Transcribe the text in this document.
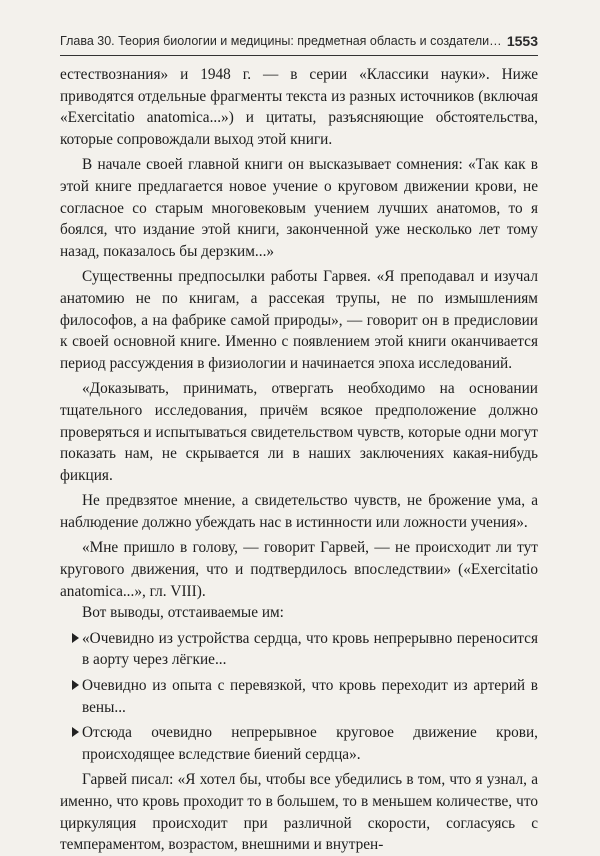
Глава 30. Теория биологии и медицины: предметная область и создатели… 1553

естествознания» и 1948 г. — в серии «Классики науки». Ниже приводятся отдельные фрагменты текста из разных источников (включая «Exercitatio anatomica...») и цитаты, разъясняющие обстоятельства, которые сопровождали выход этой книги.

В начале своей главной книги он высказывает сомнения: «Так как в этой книге предлагается новое учение о круговом движении крови, не согласное со старым многовековым учением лучших анатомов, то я боялся, что издание этой книги, законченной уже несколько лет тому назад, показалось бы дерзким...»

Существенны предпосылки работы Гарвея. «Я преподавал и изучал анатомию не по книгам, а рассекая трупы, не по измышлениям философов, а на фабрике самой природы», — говорит он в предисловии к своей основной книге. Именно с появлением этой книги оканчивается период рассуждения в физиологии и начинается эпоха исследований.

«Доказывать, принимать, отвергать необходимо на основании тщательного исследования, причём всякое предположение должно проверяться и испытываться свидетельством чувств, которые одни могут показать нам, не скрывается ли в наших заключениях какая-нибудь фикция.

Не предвзятое мнение, а свидетельство чувств, не брожение ума, а наблюдение должно убеждать нас в истинности или ложности учения».

«Мне пришло в голову, — говорит Гарвей, — не происходит ли тут кругового движения, что и подтвердилось впоследствии» («Exercitatio anatomica...», гл. VIII).

Вот выводы, отстаиваемые им:

«Очевидно из устройства сердца, что кровь непрерывно переносится в аорту через лёгкие...
Очевидно из опыта с перевязкой, что кровь переходит из артерий в вены...
Отсюда очевидно непрерывное круговое движение крови, происходящее вследствие биений сердца».

Гарвей писал: «Я хотел бы, чтобы все убедились в том, что я узнал, а именно, что кровь проходит то в большем, то в меньшем количестве, что циркуляция происходит при различной скорости, согласуясь с темпераментом, возрастом, внешними и внутрен-
